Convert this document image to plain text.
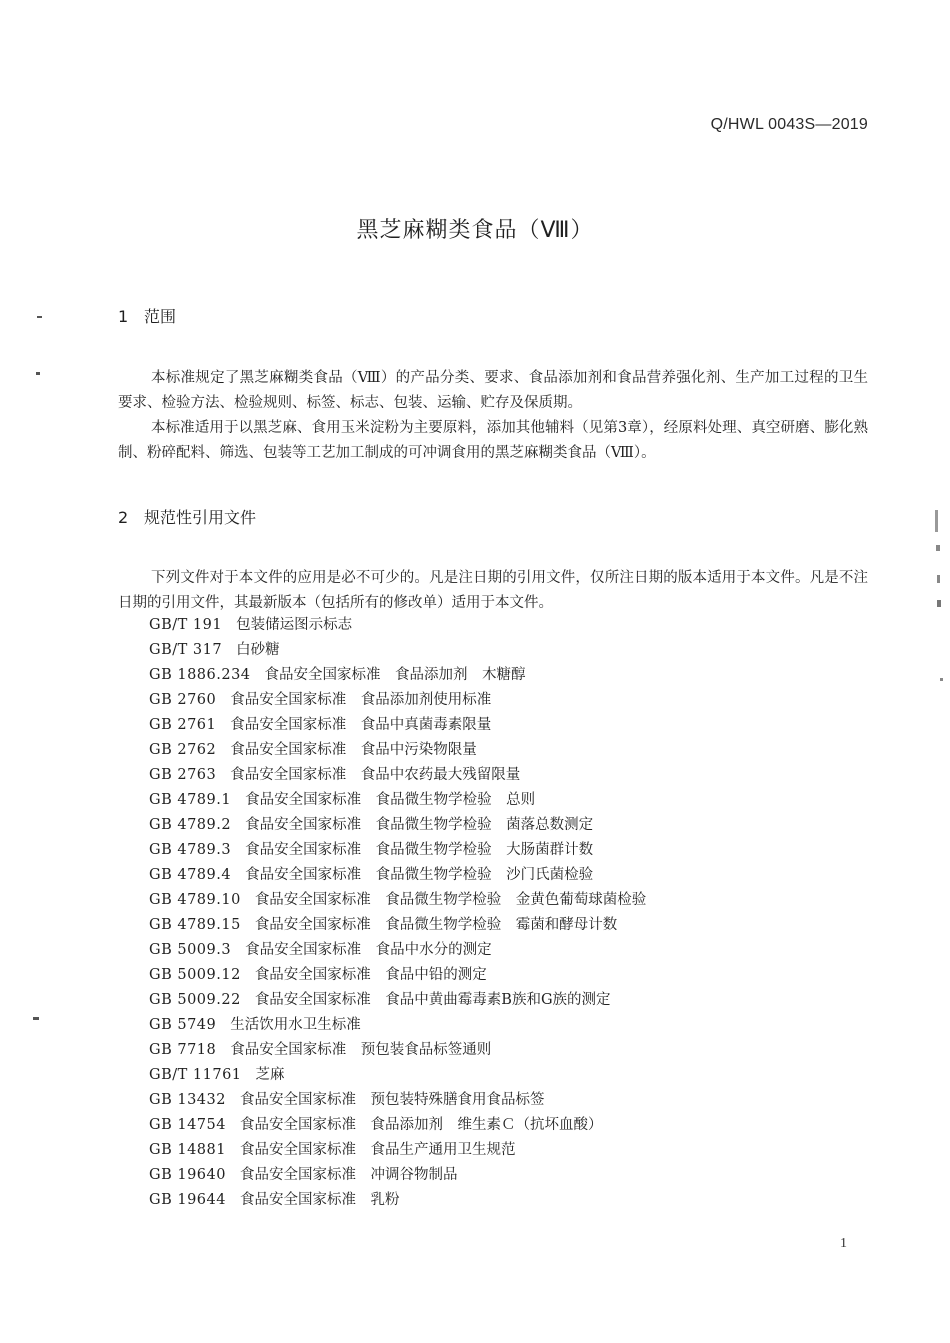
Q/HWL 0043S—2019
黑芝麻糊类食品（Ⅷ）
1 范围

本标准规定了黑芝麻糊类食品（Ⅷ）的产品分类、要求、食品添加剂和食品营养强化剂、生产加工过程的卫生要求、检验方法、检验规则、标签、标志、包装、运输、贮存及保质期。

本标准适用于以黑芝麻、食用玉米淀粉为主要原料，添加其他辅料（见第3章），经原料处理、真空研磨、膨化熟制、粉碎配料、筛选、包装等工艺加工制成的可冲调食用的黑芝麻糊类食品（Ⅷ）。

2 规范性引用文件

下列文件对于本文件的应用是必不可少的。凡是注日期的引用文件，仅所注日期的版本适用于本文件。凡是不注日期的引用文件，其最新版本（包括所有的修改单）适用于本文件。

GB/T 191 包装储运图示标志
GB/T 317 白砂糖
GB 1886.234 食品安全国家标准　食品添加剂　木糖醇
GB 2760 食品安全国家标准　食品添加剂使用标准
GB 2761 食品安全国家标准　食品中真菌毒素限量
GB 2762 食品安全国家标准　食品中污染物限量
GB 2763 食品安全国家标准　食品中农药最大残留限量
GB 4789.1 食品安全国家标准　食品微生物学检验　总则
GB 4789.2 食品安全国家标准　食品微生物学检验　菌落总数测定
GB 4789.3 食品安全国家标准　食品微生物学检验　大肠菌群计数
GB 4789.4 食品安全国家标准　食品微生物学检验　沙门氏菌检验
GB 4789.10 食品安全国家标准　食品微生物学检验　金黄色葡萄球菌检验
GB 4789.15 食品安全国家标准　食品微生物学检验　霉菌和酵母计数
GB 5009.3 食品安全国家标准　食品中水分的测定
GB 5009.12 食品安全国家标准　食品中铅的测定
GB 5009.22 食品安全国家标准　食品中黄曲霉毒素B族和G族的测定
GB 5749 生活饮用水卫生标准
GB 7718 食品安全国家标准　预包装食品标签通则
GB/T 11761 芝麻
GB 13432 食品安全国家标准　预包装特殊膳食用食品标签
GB 14754 食品安全国家标准　食品添加剂　维生素Ｃ（抗坏血酸）
GB 14881 食品安全国家标准　食品生产通用卫生规范
GB 19640 食品安全国家标准　冲调谷物制品
GB 19644 食品安全国家标准　乳粉
1
